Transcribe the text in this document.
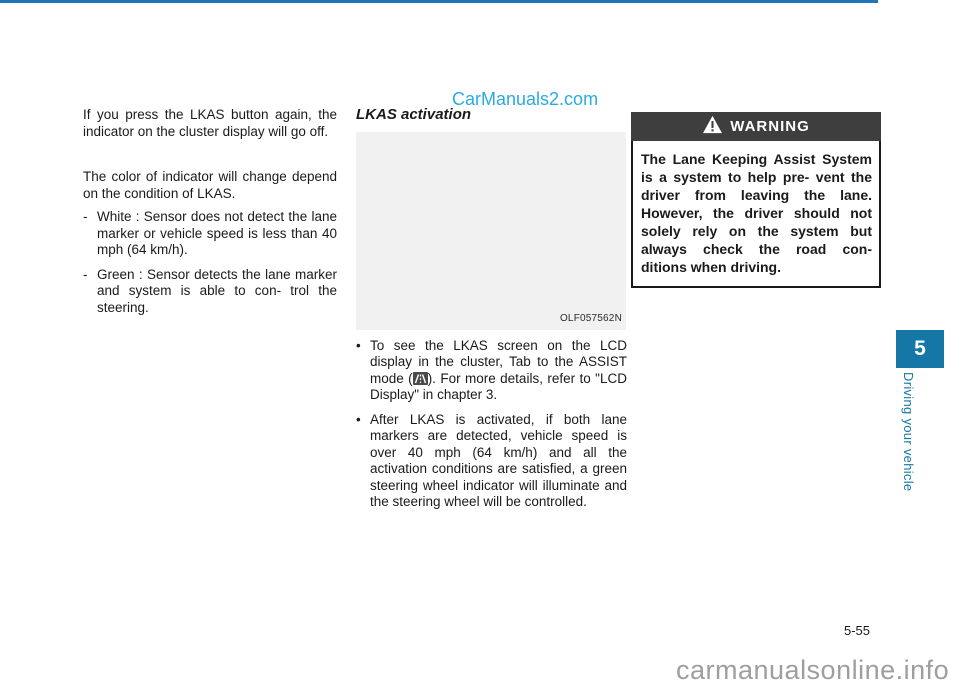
CarManuals2.com

If you press the LKAS button again, the indicator on the cluster display will go off.

The color of indicator will change depend on the condition of LKAS.

- White : Sensor does not detect the lane marker or vehicle speed is less than 40 mph (64 km/h).
- Green : Sensor detects the lane marker and system is able to con- trol the steering.
LKAS activation
OLF057562N
• To see the LKAS screen on the LCD display in the cluster, Tab to the ASSIST mode ( ). For more details, refer to "LCD Display" in chapter 3.
• After LKAS is activated, if both lane markers are detected, vehicle speed is over 40 mph (64 km/h) and all the activation conditions are satisfied, a green steering wheel indicator will illuminate and the steering wheel will be controlled.
WARNING
The Lane Keeping Assist System is a system to help pre- vent the driver from leaving the lane. However, the driver should not solely rely on the system but always check the road con- ditions when driving.
5
Driving your vehicle
5-55
carmanualsonline.info
